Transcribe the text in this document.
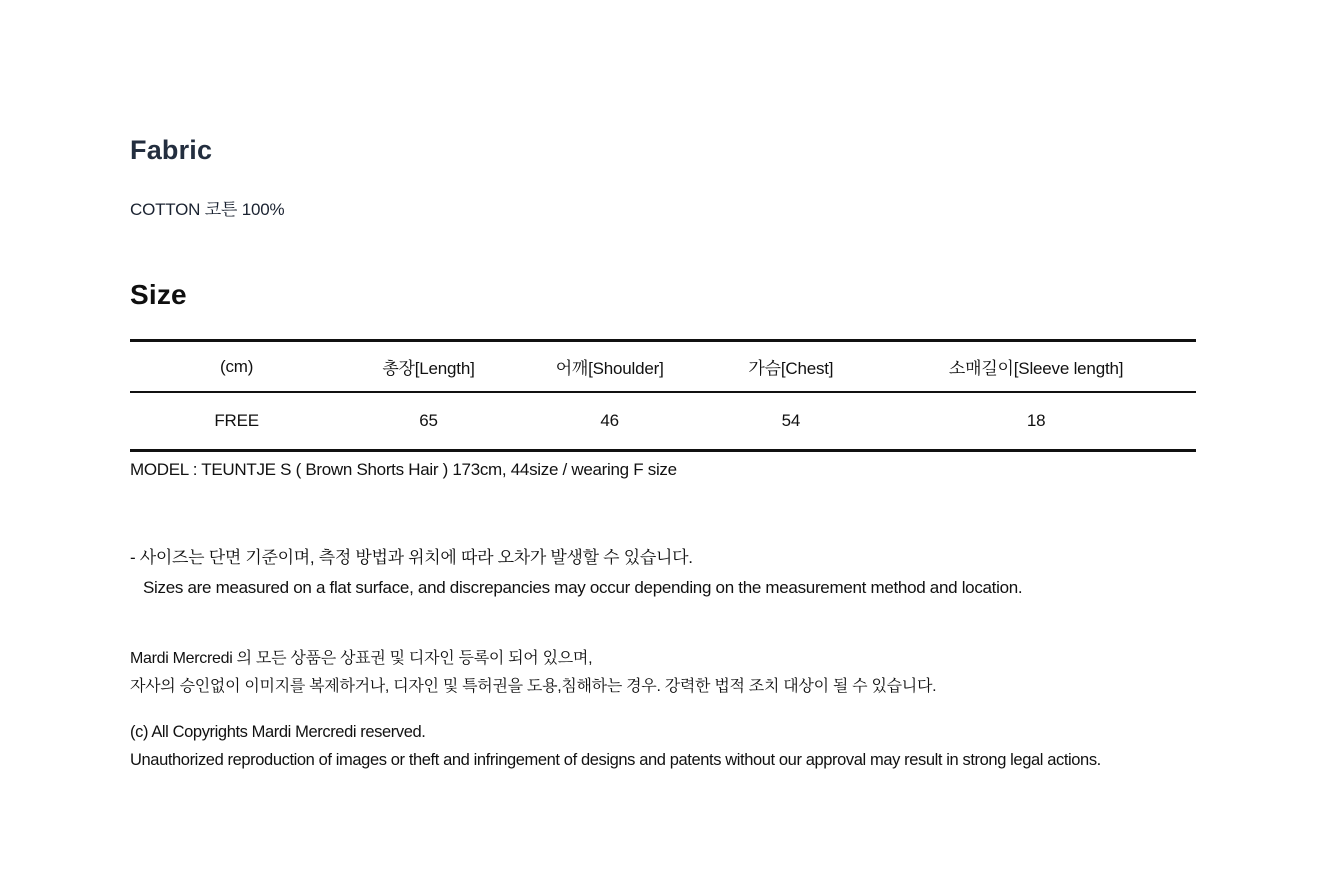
Fabric

COTTON 코튼 100%

Size
(cm)	총장[Length]	어깨[Shoulder]	가슴[Chest]	소매길이[Sleeve length]
FREE	65	46	54	18

MODEL : TEUNTJE S ( Brown Shorts Hair ) 173cm, 44size / wearing F size

- 사이즈는 단면 기준이며, 측정 방법과 위치에 따라 오차가 발생할 수 있습니다.
Sizes are measured on a flat surface, and discrepancies may occur depending on the measurement method and location.
Mardi Mercredi 의 모든 상품은 상표권 및 디자인 등록이 되어 있으며,
자사의 승인없이 이미지를 복제하거나, 디자인 및 특허권을 도용,침해하는 경우. 강력한 법적 조치 대상이 될 수 있습니다.
(c) All Copyrights Mardi Mercredi reserved.
Unauthorized reproduction of images or theft and infringement of designs and patents without our approval may result in strong legal actions.
